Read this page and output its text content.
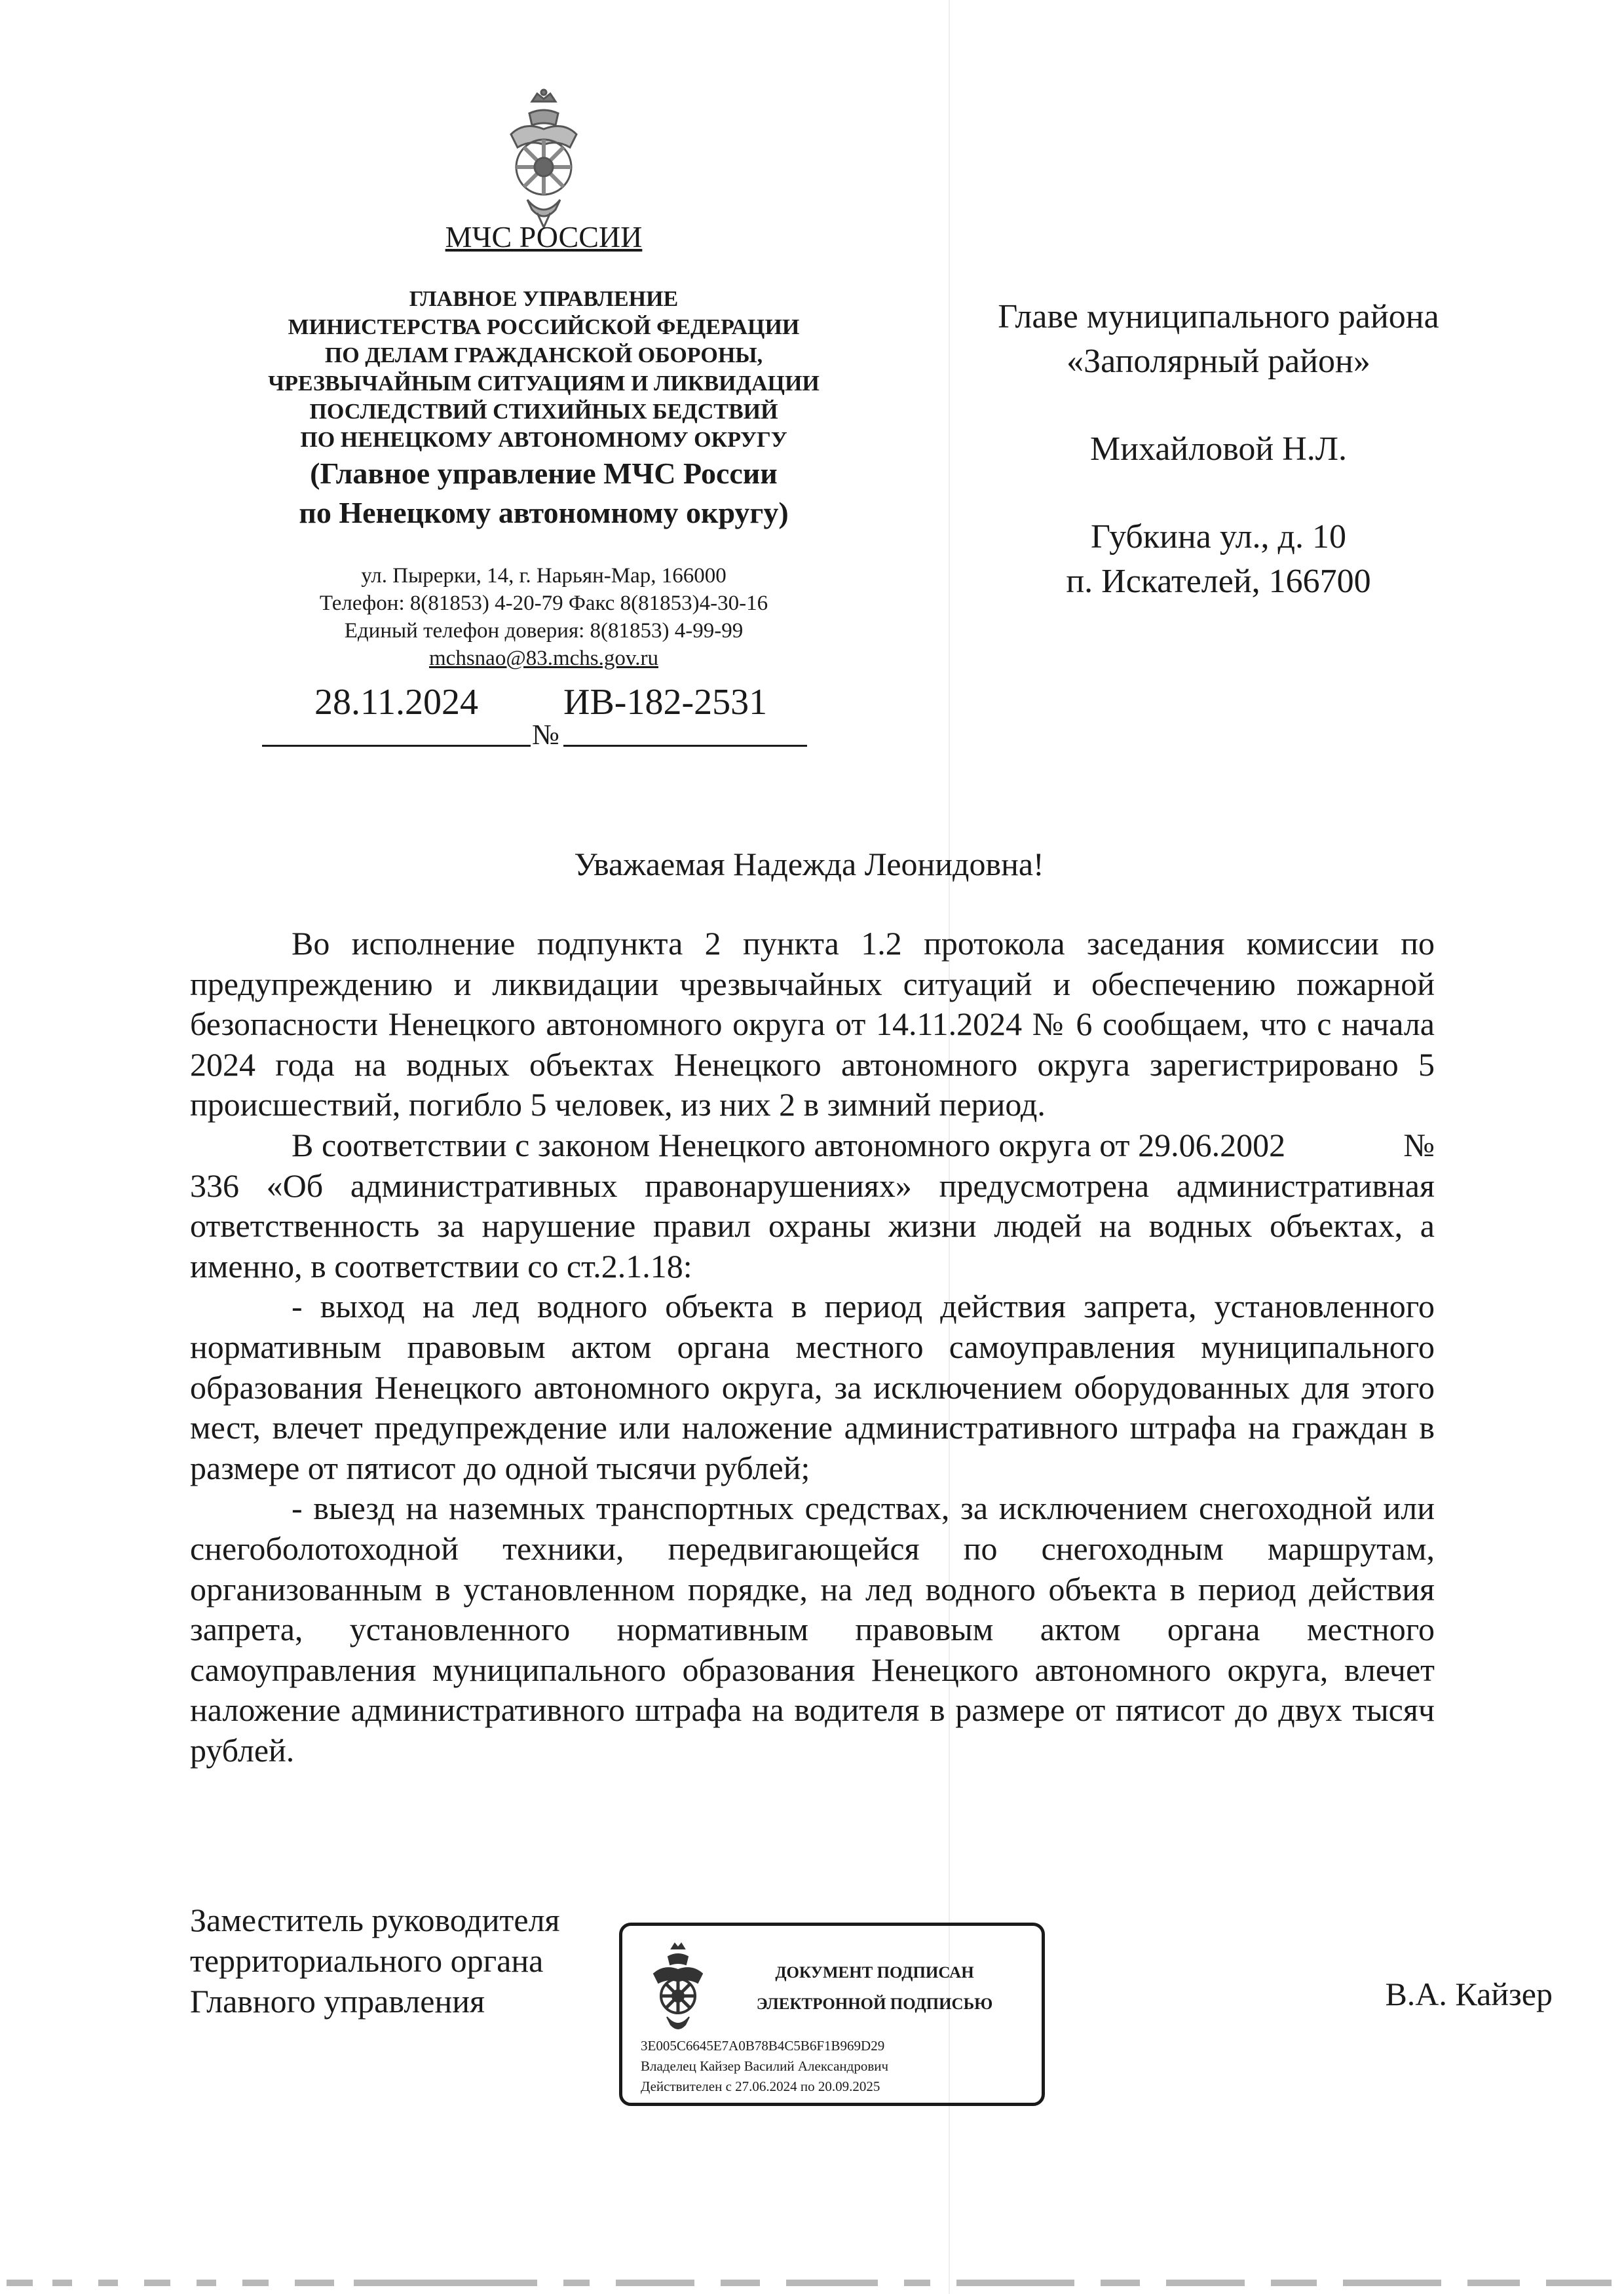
МЧС РОССИИ
ГЛАВНОЕ УПРАВЛЕНИЕ
МИНИСТЕРСТВА РОССИЙСКОЙ ФЕДЕРАЦИИ
ПО ДЕЛАМ ГРАЖДАНСКОЙ ОБОРОНЫ,
ЧРЕЗВЫЧАЙНЫМ СИТУАЦИЯМ И ЛИКВИДАЦИИ
ПОСЛЕДСТВИЙ СТИХИЙНЫХ БЕДСТВИЙ
ПО НЕНЕЦКОМУ АВТОНОМНОМУ ОКРУГУ
(Главное управление МЧС России
по Ненецкому автономному округу)
ул. Пырерки, 14, г. Нарьян-Мар, 166000
Телефон: 8(81853) 4-20-79 Факс 8(81853)4-30-16
Единый телефон доверия: 8(81853) 4-99-99
mchsnao@83.mchs.gov.ru
28.11.2024
№
ИВ-182-2531
Главе муниципального района
«Заполярный район»
Михайловой Н.Л.
Губкина ул., д. 10
п. Искателей, 166700
Уважаемая Надежда Леонидовна!

Во исполнение подпункта 2 пункта 1.2 протокола заседания комиссии по предупреждению и ликвидации чрезвычайных ситуаций и обеспечению пожарной безопасности Ненецкого автономного округа от 14.11.2024 № 6 сообщаем, что с начала 2024 года на водных объектах Ненецкого автономного округа зарегистрировано 5 происшествий, погибло 5 человек, из них 2 в зимний период.

В соответствии с законом Ненецкого автономного округа от 29.06.2002	№ 336 «Об административных правонарушениях» предусмотрена административная ответственность за нарушение правил охраны жизни людей на водных объектах, а именно, в соответствии со ст.2.1.18:

- выход на лед водного объекта в период действия запрета, установленного нормативным правовым актом органа местного самоуправления муниципального образования Ненецкого автономного округа, за исключением оборудованных для этого мест, влечет предупреждение или наложение административного штрафа на граждан в размере от пятисот до одной тысячи рублей;

- выезд на наземных транспортных средствах, за исключением снегоходной или снегоболотоходной техники, передвигающейся по снегоходным маршрутам, организованным в установленном порядке, на лед водного объекта в период действия запрета, установленного нормативным правовым актом органа местного самоуправления муниципального образования Ненецкого автономного округа, влечет наложение административного штрафа на водителя в размере от пятисот до двух тысяч рублей.

Заместитель руководителя
территориального органа
Главного управления
ДОКУМЕНТ ПОДПИСАН
ЭЛЕКТРОННОЙ ПОДПИСЬЮ
3E005C6645E7A0B78B4C5B6F1B969D29
Владелец Кайзер Василий Александрович
Действителен с 27.06.2024 по 20.09.2025
В.А. Кайзер
